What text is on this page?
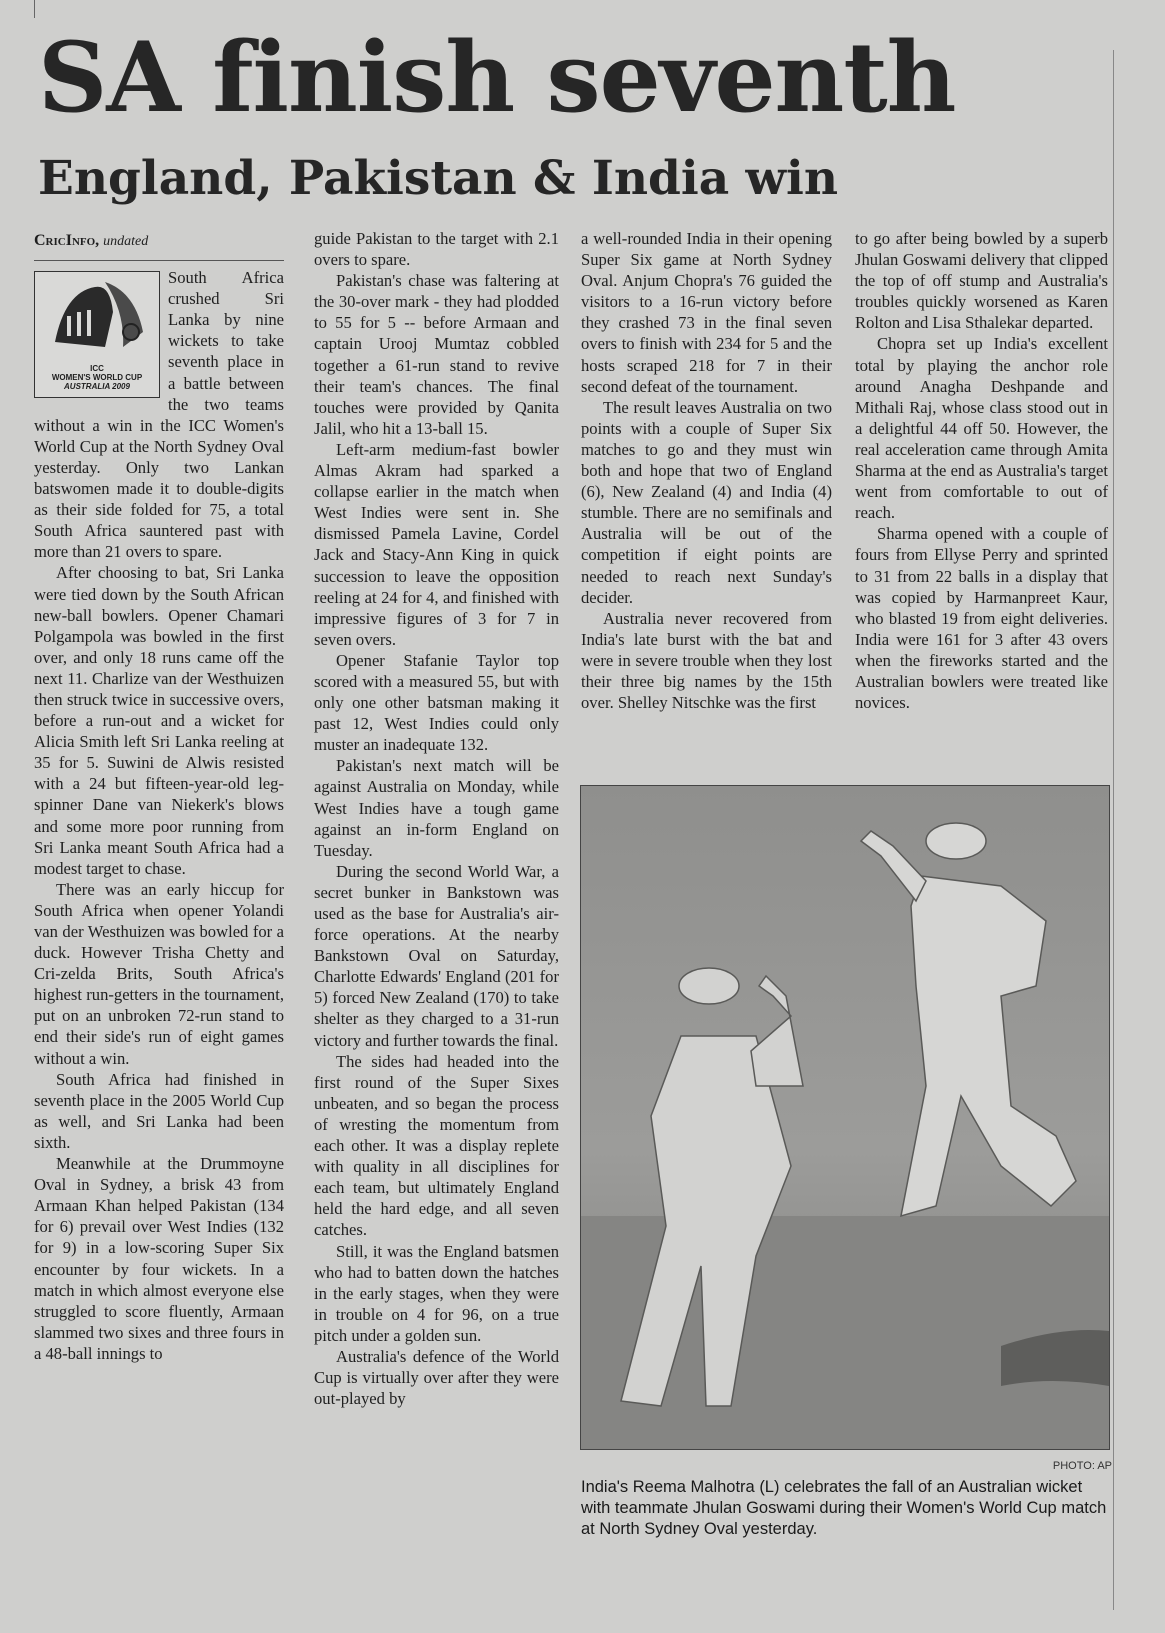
SA finish seventh
England, Pakistan & India win
CricInfo, undated
ICC
WOMEN'S WORLD CUP
AUSTRALIA 2009

South Africa crushed Sri Lanka by nine wickets to take seventh place in a battle between the two teams without a win in the ICC Women's World Cup at the North Sydney Oval yesterday. Only two Lankan batswomen made it to double-digits as their side folded for 75, a total South Africa sauntered past with more than 21 overs to spare.

After choosing to bat, Sri Lanka were tied down by the South African new-ball bowlers. Opener Chamari Polgampola was bowled in the first over, and only 18 runs came off the next 11. Charlize van der Westhuizen then struck twice in successive overs, before a run-out and a wicket for Alicia Smith left Sri Lanka reeling at 35 for 5. Suwini de Alwis resisted with a 24 but fifteen-year-old leg-spinner Dane van Niekerk's blows and some more poor running from Sri Lanka meant South Africa had a modest target to chase.

There was an early hiccup for South Africa when opener Yolandi van der Westhuizen was bowled for a duck. However Trisha Chetty and Cri-zelda Brits, South Africa's highest run-getters in the tournament, put on an unbroken 72-run stand to end their side's run of eight games without a win.

South Africa had finished in seventh place in the 2005 World Cup as well, and Sri Lanka had been sixth.

Meanwhile at the Drummoyne Oval in Sydney, a brisk 43 from Armaan Khan helped Pakistan (134 for 6) prevail over West Indies (132 for 9) in a low-scoring Super Six encounter by four wickets. In a match in which almost everyone else struggled to score fluently, Armaan slammed two sixes and three fours in a 48-ball innings to

guide Pakistan to the target with 2.1 overs to spare.

Pakistan's chase was faltering at the 30-over mark - they had plodded to 55 for 5 -- before Armaan and captain Urooj Mumtaz cobbled together a 61-run stand to revive their team's chances. The final touches were provided by Qanita Jalil, who hit a 13-ball 15.

Left-arm medium-fast bowler Almas Akram had sparked a collapse earlier in the match when West Indies were sent in. She dismissed Pamela Lavine, Cordel Jack and Stacy-Ann King in quick succession to leave the opposition reeling at 24 for 4, and finished with impressive figures of 3 for 7 in seven overs.

Opener Stafanie Taylor top scored with a measured 55, but with only one other batsman making it past 12, West Indies could only muster an inadequate 132.

Pakistan's next match will be against Australia on Monday, while West Indies have a tough game against an in-form England on Tuesday.

During the second World War, a secret bunker in Bankstown was used as the base for Australia's air-force operations. At the nearby Bankstown Oval on Saturday, Charlotte Edwards' England (201 for 5) forced New Zealand (170) to take shelter as they charged to a 31-run victory and further towards the final.

The sides had headed into the first round of the Super Sixes unbeaten, and so began the process of wresting the momentum from each other. It was a display replete with quality in all disciplines for each team, but ultimately England held the hard edge, and all seven catches.

Still, it was the England batsmen who had to batten down the hatches in the early stages, when they were in trouble on 4 for 96, on a true pitch under a golden sun.

Australia's defence of the World Cup is virtually over after they were out-played by

a well-rounded India in their opening Super Six game at North Sydney Oval. Anjum Chopra's 76 guided the visitors to a 16-run victory before they crashed 73 in the final seven overs to finish with 234 for 5 and the hosts scraped 218 for 7 in their second defeat of the tournament.

The result leaves Australia on two points with a couple of Super Six matches to go and they must win both and hope that two of England (6), New Zealand (4) and India (4) stumble. There are no semifinals and Australia will be out of the competition if eight points are needed to reach next Sunday's decider.

Australia never recovered from India's late burst with the bat and were in severe trouble when they lost their three big names by the 15th over. Shelley Nitschke was the first

to go after being bowled by a superb Jhulan Goswami delivery that clipped the top of off stump and Australia's troubles quickly worsened as Karen Rolton and Lisa Sthalekar departed.

Chopra set up India's excellent total by playing the anchor role around Anagha Deshpande and Mithali Raj, whose class stood out in a delightful 44 off 50. However, the real acceleration came through Amita Sharma at the end as Australia's target went from comfortable to out of reach.

Sharma opened with a couple of fours from Ellyse Perry and sprinted to 31 from 22 balls in a display that was copied by Harmanpreet Kaur, who blasted 19 from eight deliveries. India were 161 for 3 after 43 overs when the fireworks started and the Australian bowlers were treated like novices.

PHOTO: AP
India's Reema Malhotra (L) celebrates the fall of an Australian wicket with teammate Jhulan Goswami during their Women's World Cup match at North Sydney Oval yesterday.
